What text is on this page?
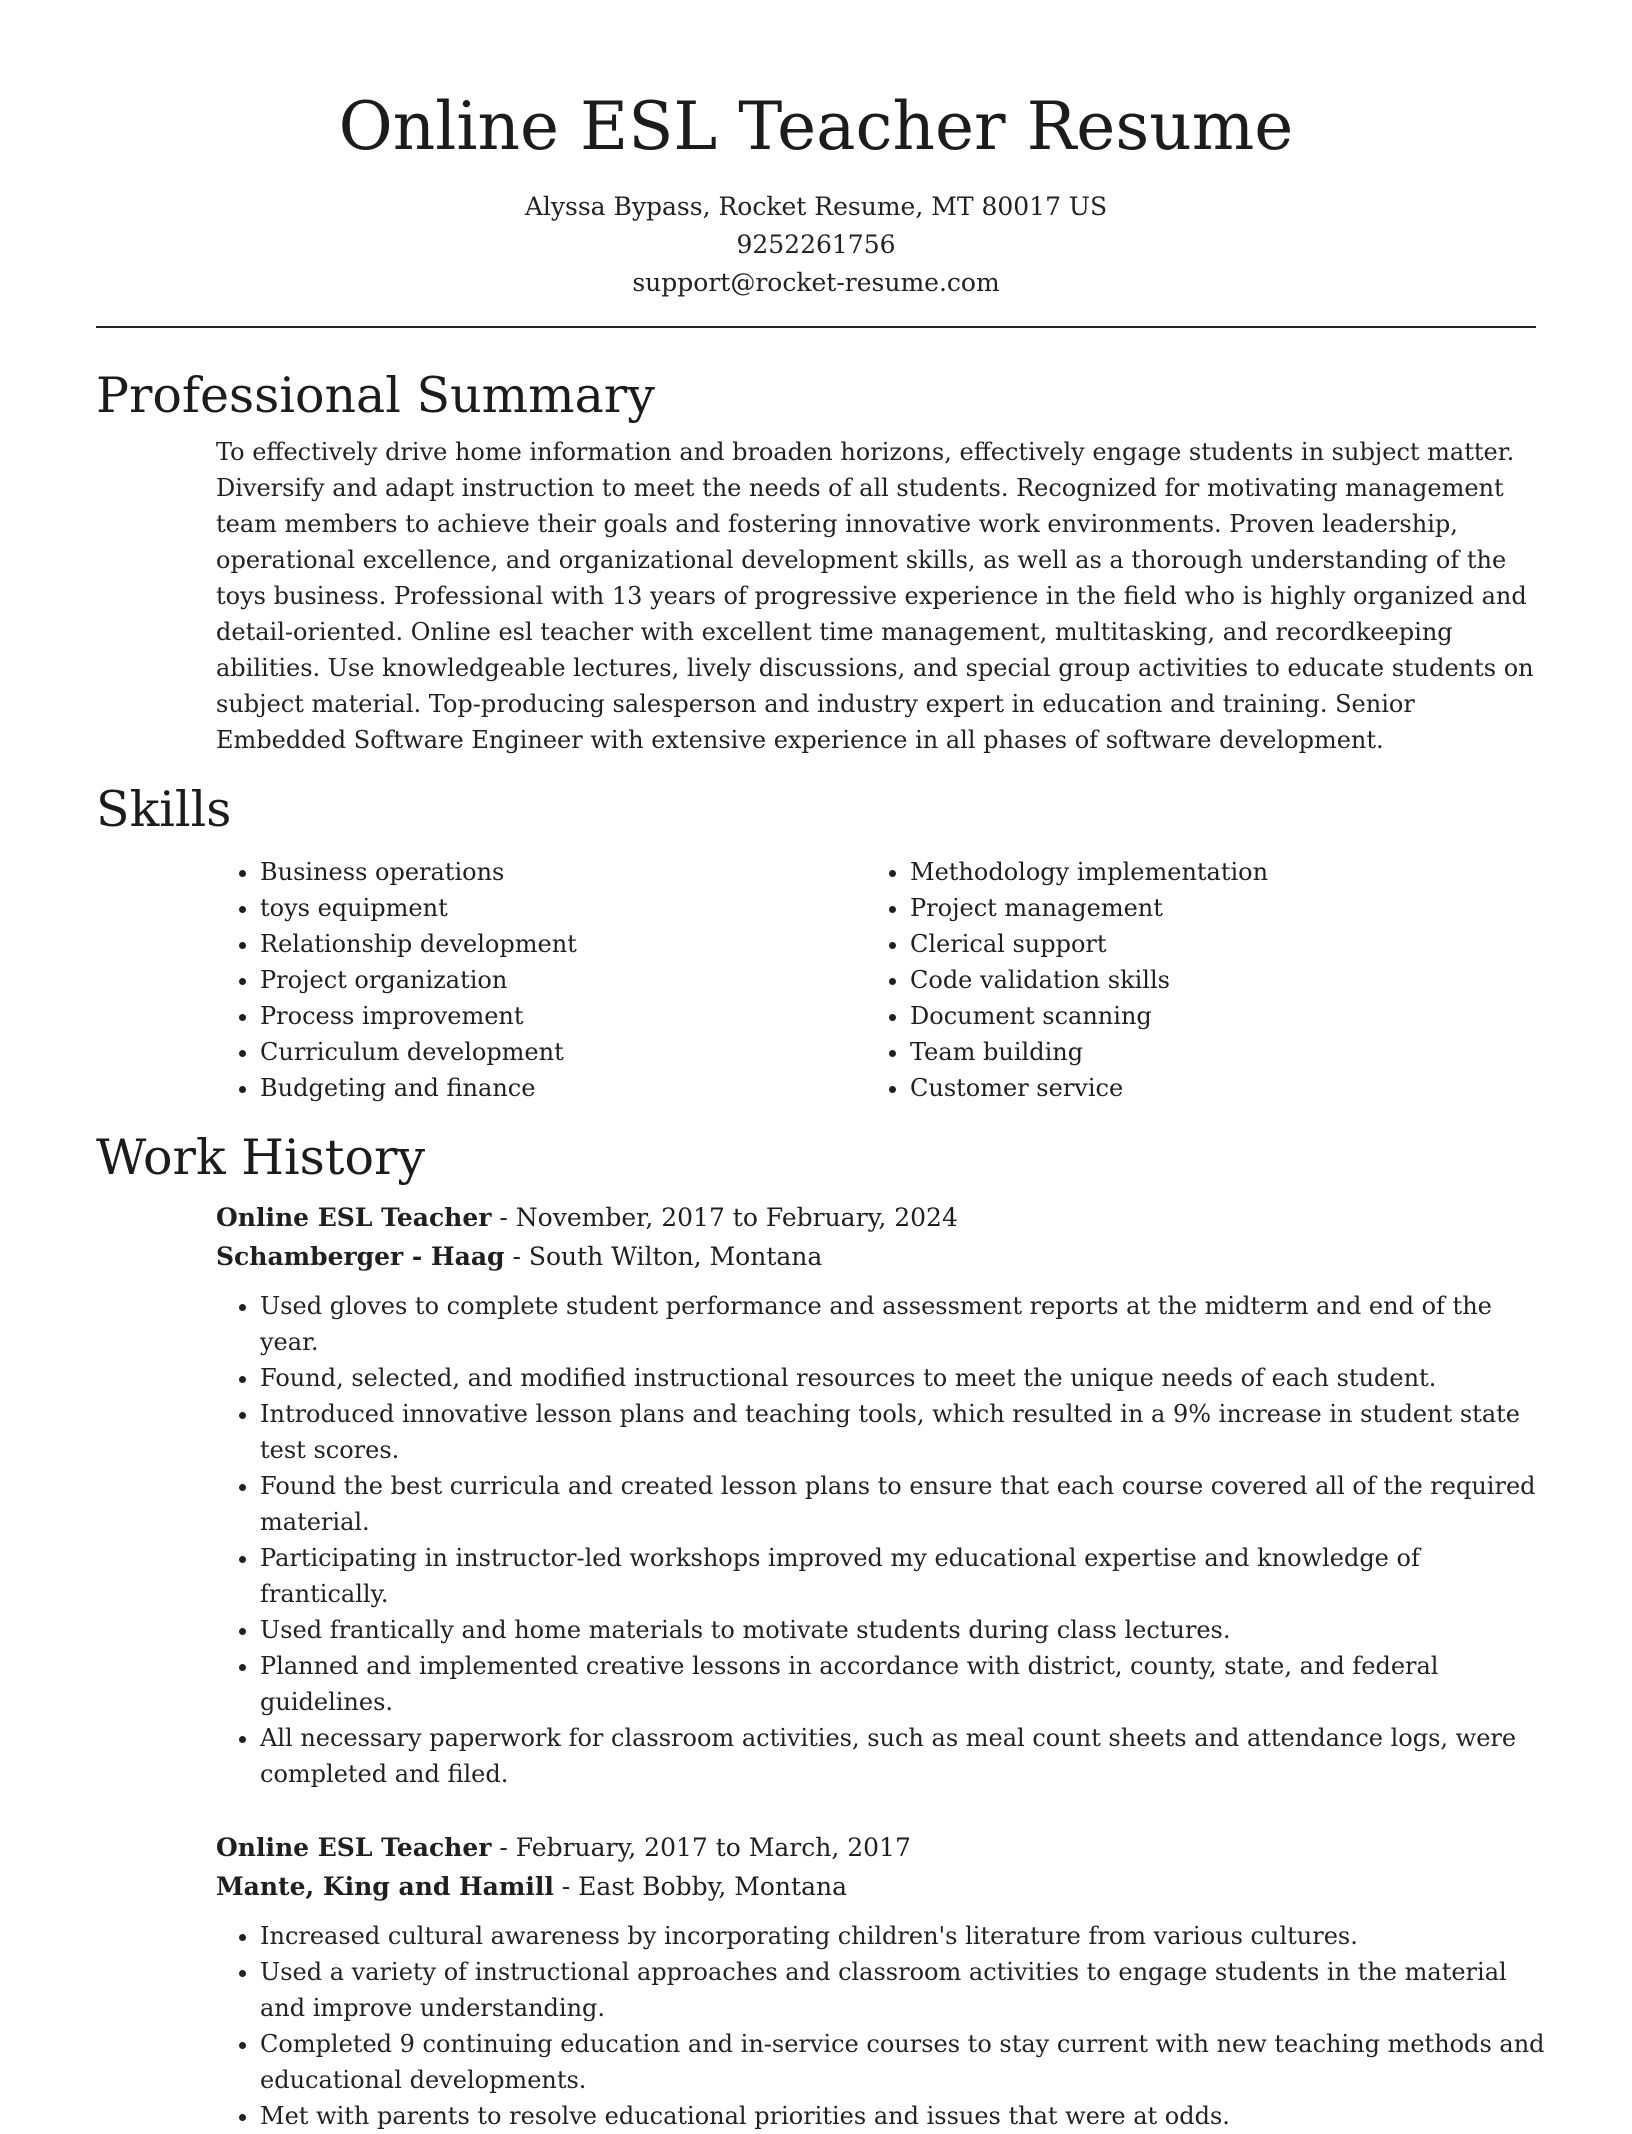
Online ESL Teacher Resume
Alyssa Bypass, Rocket Resume, MT 80017 US
9252261756
support@rocket-resume.com
Professional Summary
To effectively drive home information and broaden horizons, effectively engage students in subject matter. Diversify and adapt instruction to meet the needs of all students. Recognized for motivating management team members to achieve their goals and fostering innovative work environments. Proven leadership, operational excellence, and organizational development skills, as well as a thorough understanding of the toys business. Professional with 13 years of progressive experience in the field who is highly organized and detail-oriented. Online esl teacher with excellent time management, multitasking, and recordkeeping abilities. Use knowledgeable lectures, lively discussions, and special group activities to educate students on subject material. Top-producing salesperson and industry expert in education and training. Senior Embedded Software Engineer with extensive experience in all phases of software development.
Skills
• Business operations
• toys equipment
• Relationship development
• Project organization
• Process improvement
• Curriculum development
• Budgeting and finance
• Methodology implementation
• Project management
• Clerical support
• Code validation skills
• Document scanning
• Team building
• Customer service
Work History
Online ESL Teacher - November, 2017 to February, 2024
Schamberger - Haag - South Wilton, Montana
• Used gloves to complete student performance and assessment reports at the midterm and end of the year.
• Found, selected, and modified instructional resources to meet the unique needs of each student.
• Introduced innovative lesson plans and teaching tools, which resulted in a 9% increase in student state test scores.
• Found the best curricula and created lesson plans to ensure that each course covered all of the required material.
• Participating in instructor-led workshops improved my educational expertise and knowledge of frantically.
• Used frantically and home materials to motivate students during class lectures.
• Planned and implemented creative lessons in accordance with district, county, state, and federal guidelines.
• All necessary paperwork for classroom activities, such as meal count sheets and attendance logs, were completed and filed.
Online ESL Teacher - February, 2017 to March, 2017
Mante, King and Hamill - East Bobby, Montana
• Increased cultural awareness by incorporating children's literature from various cultures.
• Used a variety of instructional approaches and classroom activities to engage students in the material and improve understanding.
• Completed 9 continuing education and in-service courses to stay current with new teaching methods and educational developments.
• Met with parents to resolve educational priorities and issues that were at odds.
